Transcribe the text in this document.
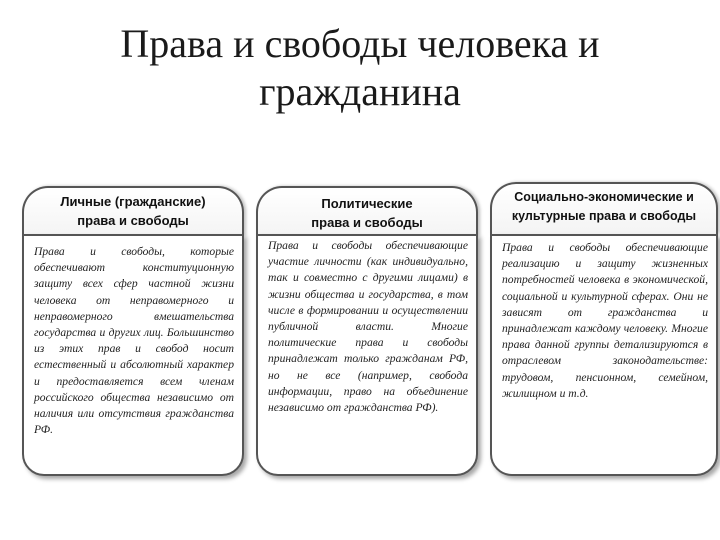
Права и свободы человека и
гражданина
Личные (гражданские)
права и свободы
Права и свободы, которые обеспечивают конституционную защиту всех сфер частной жизни человека от неправомерного и неправомерного вмешательства государства и других лиц. Большинство из этих прав и свобод носит естественный и абсолютный характер и предоставляется всем членам российского общества независимо от наличия или отсутствия гражданства РФ.
Политические
права и свободы
Права и свободы обеспечивающие участие личности (как индивидуально, так и совместно с другими лицами) в жизни общества и государства, в том числе в формировании и осуществлении публичной власти. Многие политические права и свободы принадлежат только гражданам РФ, но не все (например, свобода информации, право на объединение независимо от гражданства РФ).
Социально-экономические и
культурные права и свободы
Права и свободы обеспечивающие реализацию и защиту жизненных потребностей человека в экономической, социальной и культурной сферах. Они не зависят от гражданства и принадлежат каждому человеку. Многие права данной группы детализируются в отраслевом законодательстве: трудовом, пенсионном, семейном, жилищном и т.д.
